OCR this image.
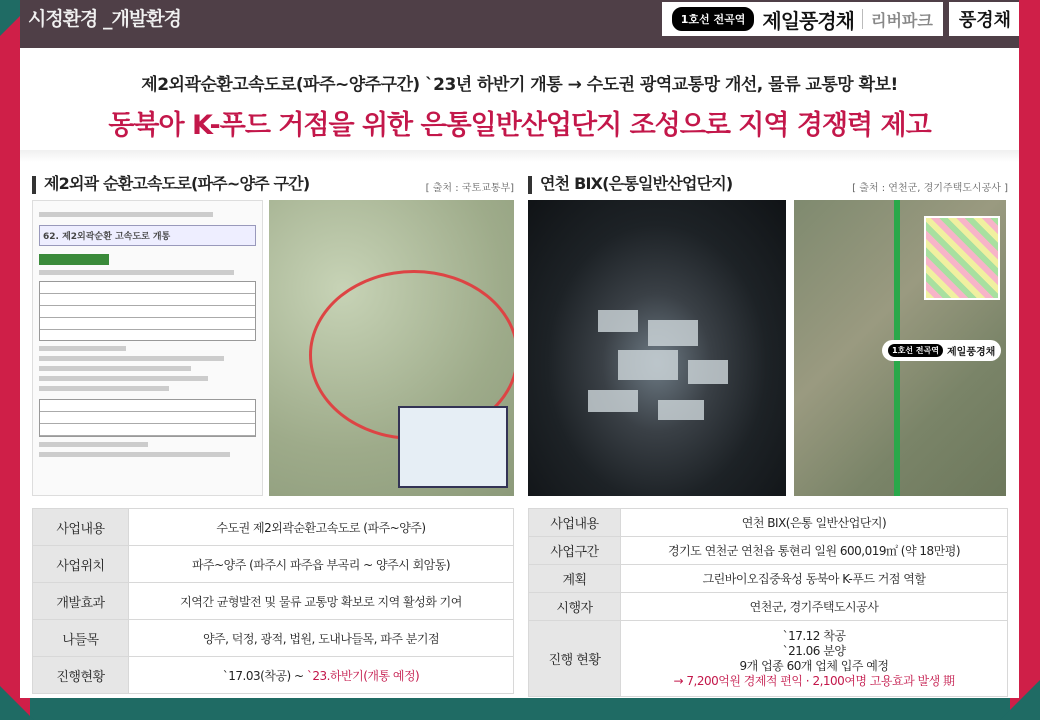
시정환경 _개발환경	1호선 전곡역 제일풍경채 리버파크	풍경채
제2외곽순환고속도로(파주~양주구간) `23년 하반기 개통 → 수도권 광역교통망 개선, 물류 교통망 확보!
동북아 K-푸드 거점을 위한 은통일반산업단지 조성으로 지역 경쟁력 제고
제2외곽 순환고속도로(파주~양주 구간)	[ 출처 : 국토교통부]
62. 제2외곽순환 고속도로 개통

사업내용	수도권 제2외곽순환고속도로 (파주~양주)
사업위치	파주~양주 (파주시 파주읍 부곡리 ~ 양주시 회암동)
개발효과	지역간 균형발전 및 물류 교통망 확보로 지역 활성화 기여
나들목	양주, 덕정, 광적, 법원, 도내나들목, 파주 분기점
진행현황	`17.03(착공) ~ `23.하반기(개통 예정)
연천 BIX(은통일반산업단지)	[ 출처 : 연천군, 경기주택도시공사 ]
1호선 전곡역 제일풍경채
사업내용	연천 BIX(은통 일반산업단지)
사업구간	경기도 연천군 연천읍 통현리 일원 600,019㎡ (약 18만평)
계획	그린바이오집중육성 동북아 K-푸드 거점 역할
시행자	연천군, 경기주택도시공사
진행 현황	`17.12 착공
`21.06 분양
9개 업종 60개 업체 입주 예정
→ 7,200억원 경제적 편익 · 2,100여명 고용효과 발생 期
